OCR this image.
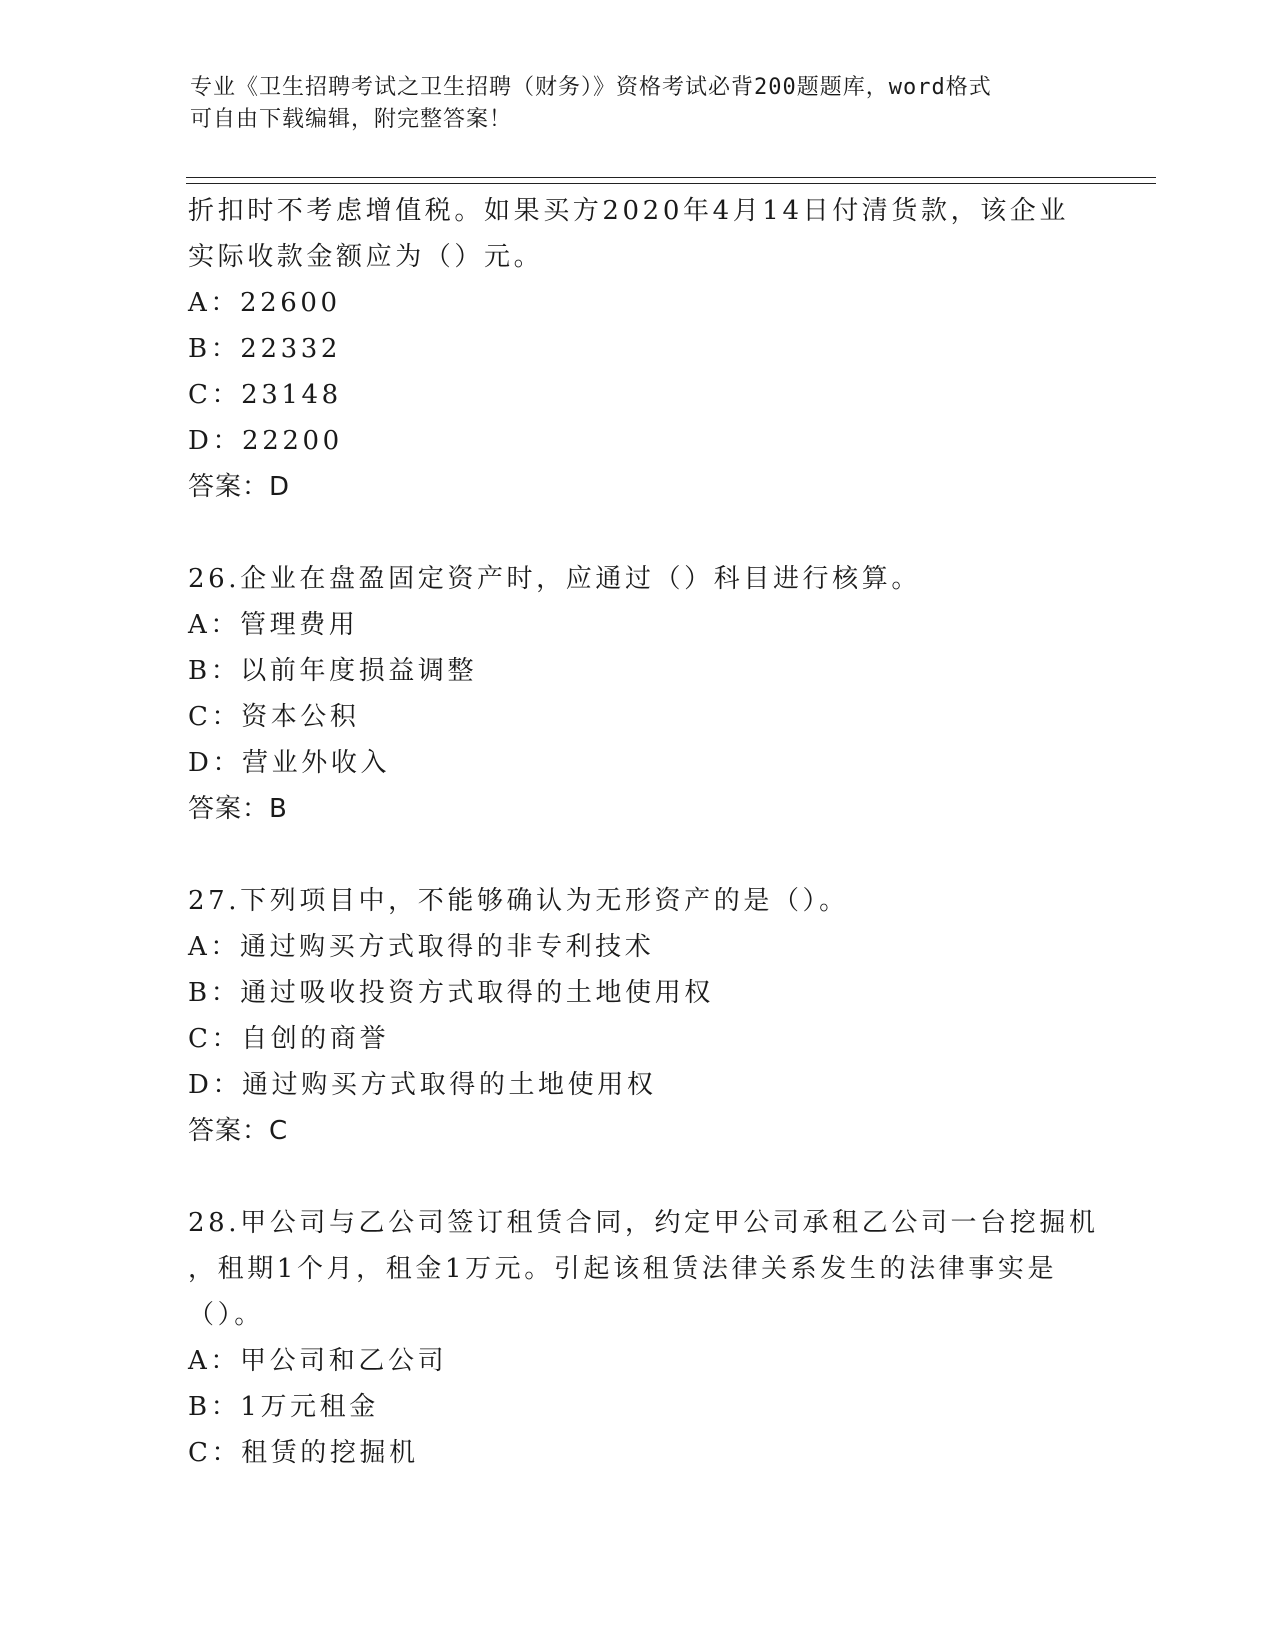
专业《卫生招聘考试之卫生招聘（财务）》资格考试必背200题题库，word格式
可自由下载编辑，附完整答案！
折扣时不考虑增值税。如果买方2020年4月14日付清货款，该企业
实际收款金额应为（）元。
A：22600
B：22332
C：23148
D：22200
答案：D
26.企业在盘盈固定资产时，应通过（）科目进行核算。
A：管理费用
B：以前年度损益调整
C：资本公积
D：营业外收入
答案：B
27.下列项目中，不能够确认为无形资产的是（）。
A：通过购买方式取得的非专利技术
B：通过吸收投资方式取得的土地使用权
C：自创的商誉
D：通过购买方式取得的土地使用权
答案：C
28.甲公司与乙公司签订租赁合同，约定甲公司承租乙公司一台挖掘机
，租期1个月，租金1万元。引起该租赁法律关系发生的法律事实是
（）。
A：甲公司和乙公司
B：1万元租金
C：租赁的挖掘机
